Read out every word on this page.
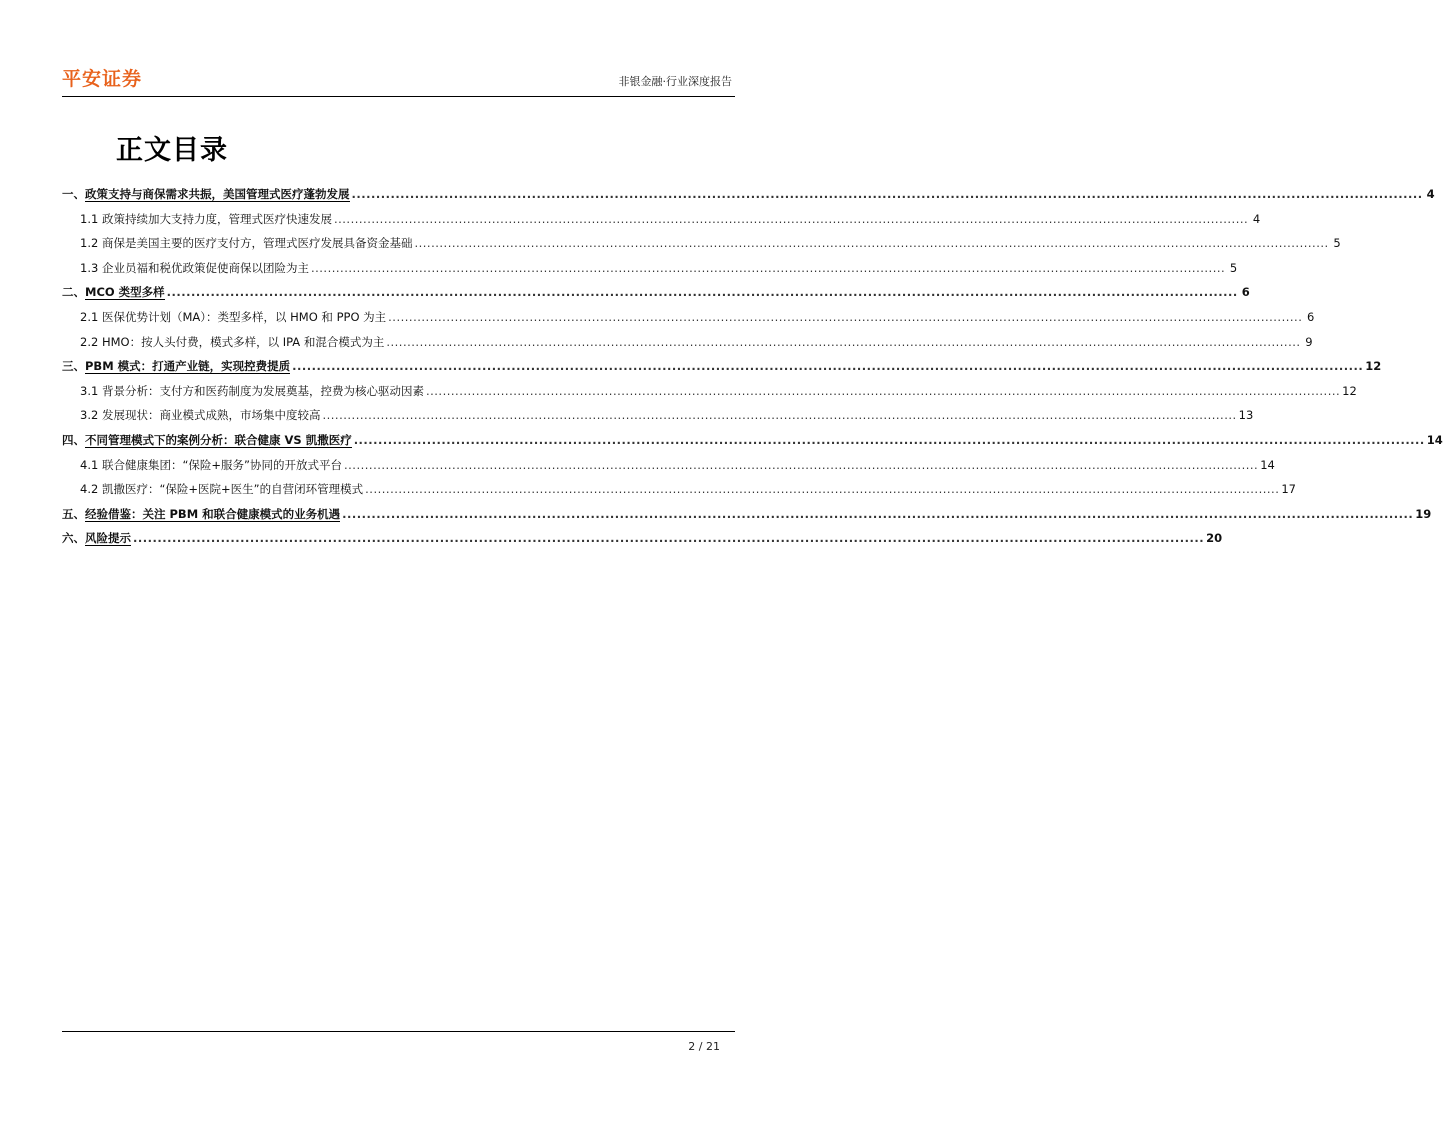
平安证券	非银金融·行业深度报告
正文目录
一、 政策支持与商保需求共振，美国管理式医疗蓬勃发展 ............................................................................................................................................................................................................................ 4
1.1 政策持续加大支持力度，管理式医疗快速发展 ............................................................................................................................................................................................................................ 4
1.2 商保是美国主要的医疗支付方，管理式医疗发展具备资金基础 ............................................................................................................................................................................................................................ 5
1.3 企业员福和税优政策促使商保以团险为主 ............................................................................................................................................................................................................................ 5
二、 MCO 类型多样 ............................................................................................................................................................................................................................ 6
2.1 医保优势计划（MA）：类型多样，以 HMO 和 PPO 为主 ............................................................................................................................................................................................................................ 6
2.2 HMO：按人头付费，模式多样，以 IPA 和混合模式为主 ............................................................................................................................................................................................................................ 9
三、 PBM 模式：打通产业链，实现控费提质 ............................................................................................................................................................................................................................ 12
3.1 背景分析：支付方和医药制度为发展奠基，控费为核心驱动因素 ............................................................................................................................................................................................................................ 12
3.2 发展现状：商业模式成熟，市场集中度较高 ............................................................................................................................................................................................................................ 13
四、 不同管理模式下的案例分析：联合健康 VS 凯撒医疗 ............................................................................................................................................................................................................................ 14
4.1 联合健康集团：“保险+服务”协同的开放式平台 ............................................................................................................................................................................................................................ 14
4.2 凯撒医疗：“保险+医院+医生”的自营闭环管理模式 ............................................................................................................................................................................................................................ 17
五、 经验借鉴：关注 PBM 和联合健康模式的业务机遇 ............................................................................................................................................................................................................................ 19
六、 风险提示 ............................................................................................................................................................................................................................ 20
2 / 21
